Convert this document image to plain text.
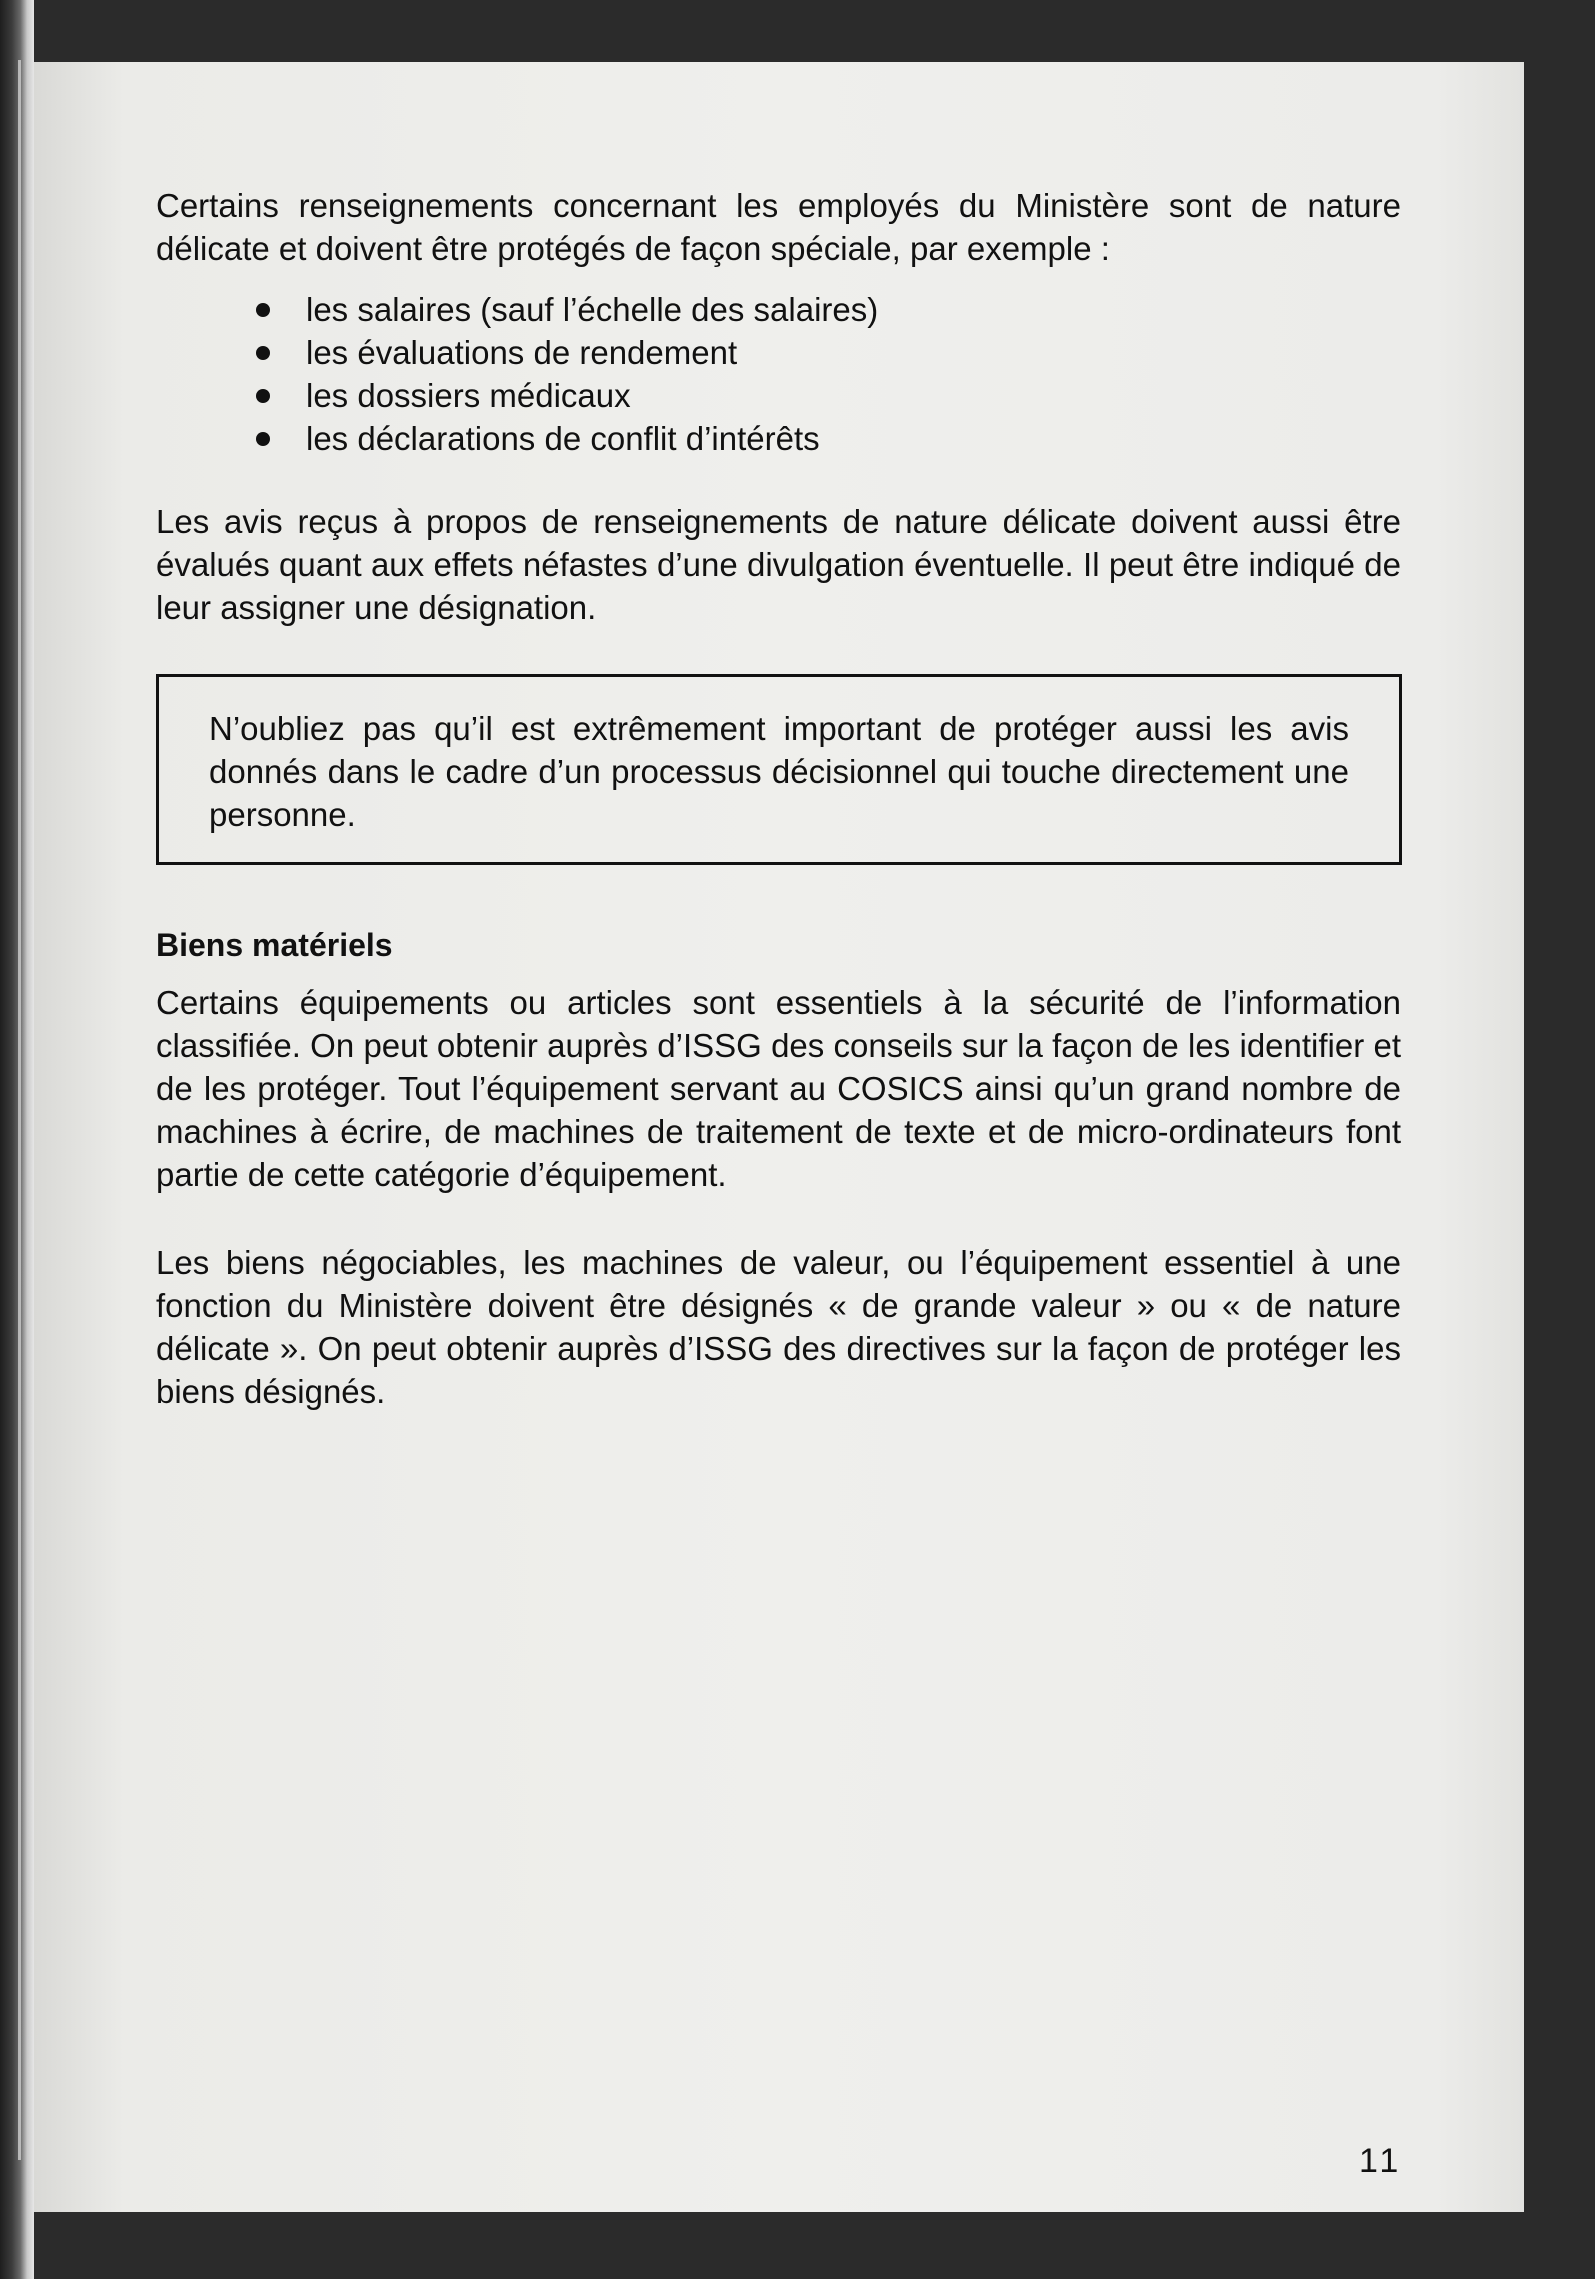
Certains renseignements concernant les employés du Ministère sont de nature délicate et doivent être protégés de façon spéciale, par exemple :

les salaires (sauf l’échelle des salaires)
les évaluations de rendement
les dossiers médicaux
les déclarations de conflit d’intérêts

Les avis reçus à propos de renseignements de nature délicate doivent aussi être évalués quant aux effets néfastes d’une divulgation éventuelle. Il peut être indiqué de leur assigner une désignation.

N’oubliez pas qu’il est extrêmement important de protéger aussi les avis donnés dans le cadre d’un processus décisionnel qui touche directement une personne.

Biens matériels

Certains équipements ou articles sont essentiels à la sécurité de l’information classifiée. On peut obtenir auprès d’ISSG des conseils sur la façon de les identifier et de les protéger. Tout l’équipement servant au COSICS ainsi qu’un grand nombre de machines à écrire, de machines de traitement de texte et de micro-ordinateurs font partie de cette catégorie d’équipement.

Les biens négociables, les machines de valeur, ou l’équipement essentiel à une fonction du Ministère doivent être désignés « de grande valeur » ou « de nature délicate ». On peut obtenir auprès d’ISSG des directives sur la façon de protéger les biens désignés.

11
